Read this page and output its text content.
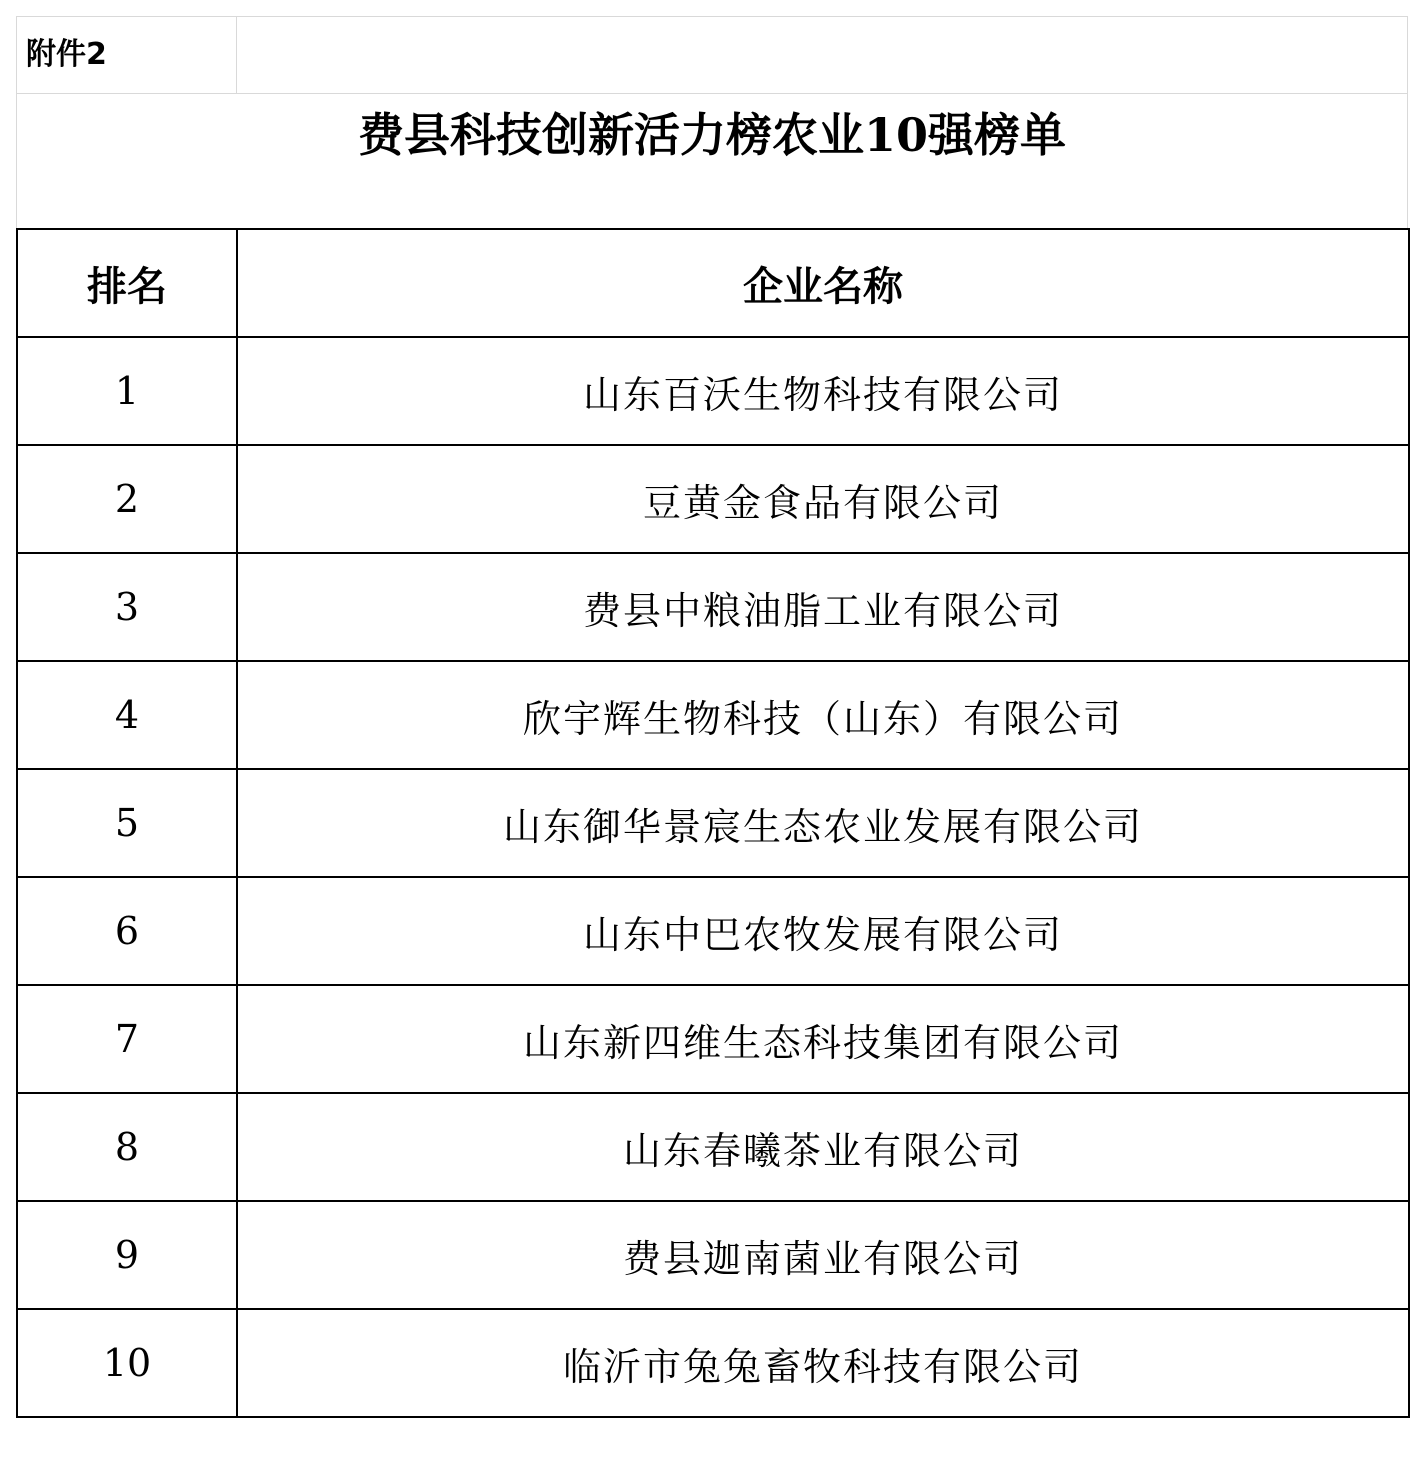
附件2
费县科技创新活力榜农业10强榜单
排名	企业名称
1	山东百沃生物科技有限公司
2	豆黄金食品有限公司
3	费县中粮油脂工业有限公司
4	欣宇辉生物科技（山东）有限公司
5	山东御华景宸生态农业发展有限公司
6	山东中巴农牧发展有限公司
7	山东新四维生态科技集团有限公司
8	山东春曦茶业有限公司
9	费县迦南菌业有限公司
10	临沂市兔兔畜牧科技有限公司
